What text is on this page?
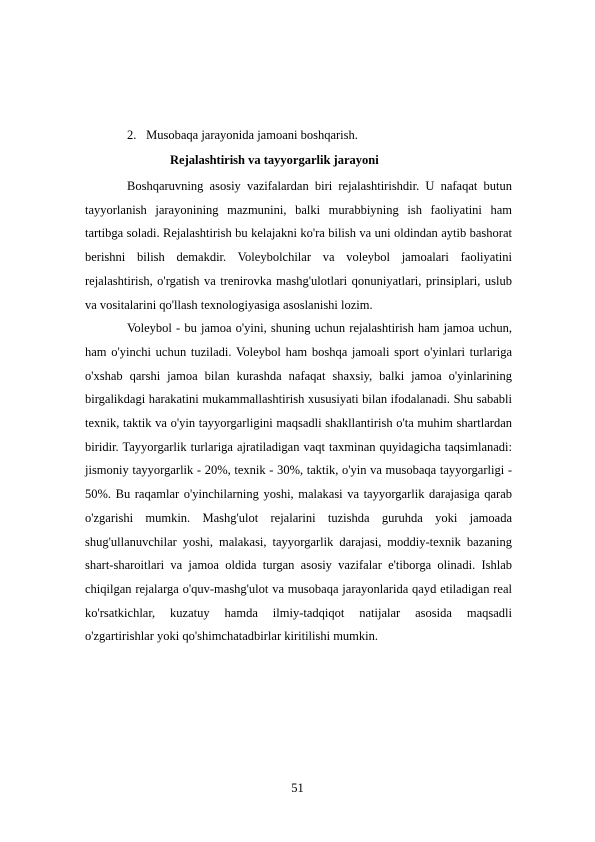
2. Musobaqa jarayonida jamoani boshqarish.
Rejalashtirish va tayyorgarlik jarayoni

Boshqaruvning asosiy vazifalardan biri rejalashtirishdir. U nafaqat butun tayyorlanish jarayonining mazmunini, balki murabbiyning ish faoliyatini ham tartibga soladi. Rejalashtirish bu kelajakni ko'ra bilish va uni oldindan aytib bashorat berishni bilish demakdir. Voleybolchilar va voleybol jamoalari faoliyatini rejalashtirish, o'rgatish va trenirovka mashg'ulotlari qonuniyatlari, prinsiplari, uslub va vositalarini qo'llash texnologiyasiga asoslanishi lozim.

Voleybol - bu jamoa o'yini, shuning uchun rejalashtirish ham jamoa uchun, ham o'yinchi uchun tuziladi. Voleybol ham boshqa jamoali sport o'yinlari turlariga o'xshab qarshi jamoa bilan kurashda nafaqat shaxsiy, balki jamoa o'yinlarining birgalikdagi harakatini mukammallashtirish xususiyati bilan ifodalanadi. Shu sababli texnik, taktik va o'yin tayyorgarligini maqsadli shakllantirish o'ta muhim shartlardan biridir. Tayyorgarlik turlariga ajratiladigan vaqt taxminan quyidagicha taqsimlanadi: jismoniy tayyorgarlik - 20%, texnik - 30%, taktik, o'yin va musobaqa tayyorgarligi - 50%. Bu raqamlar o'yinchilarning yoshi, malakasi va tayyorgarlik darajasiga qarab o'zgarishi mumkin. Mashg'ulot rejalarini tuzishda guruhda yoki jamoada shug'ullanuvchilar yoshi, malakasi, tayyorgarlik darajasi, moddiy-texnik bazaning shart-sharoitlari va jamoa oldida turgan asosiy vazifalar e'tiborga olinadi. Ishlab chiqilgan rejalarga o'quv-mashg'ulot va musobaqa jarayonlarida qayd etiladigan real ko'rsatkichlar, kuzatuy hamda ilmiy-tadqiqot natijalar asosida maqsadli o'zgartirishlar yoki qo'shimchatadbirlar kiritilishi mumkin.

51
